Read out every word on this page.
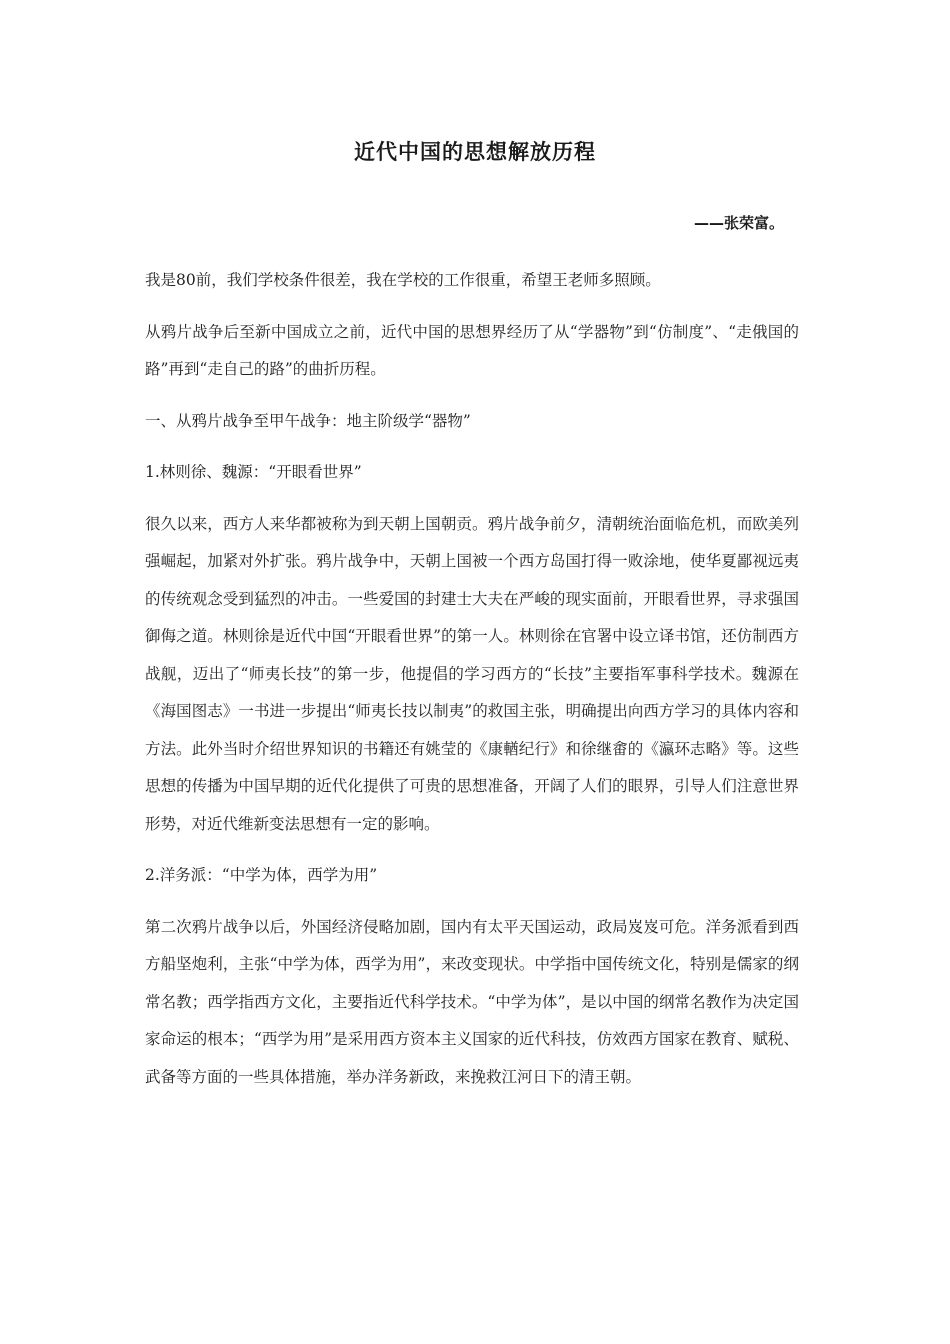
近代中国的思想解放历程
——张荣富。

我是80前，我们学校条件很差，我在学校的工作很重，希望王老师多照顾。

从鸦片战争后至新中国成立之前，近代中国的思想界经历了从“学器物”到“仿制度”、“走俄国的路”再到“走自己的路”的曲折历程。

一、从鸦片战争至甲午战争：地主阶级学“器物”

1.林则徐、魏源：“开眼看世界”

很久以来，西方人来华都被称为到天朝上国朝贡。鸦片战争前夕，清朝统治面临危机，而欧美列强崛起，加紧对外扩张。鸦片战争中，天朝上国被一个西方岛国打得一败涂地，使华夏鄙视远夷的传统观念受到猛烈的冲击。一些爱国的封建士大夫在严峻的现实面前，开眼看世界，寻求强国御侮之道。林则徐是近代中国“开眼看世界”的第一人。林则徐在官署中设立译书馆，还仿制西方战舰，迈出了“师夷长技”的第一步，他提倡的学习西方的“长技”主要指军事科学技术。魏源在《海国图志》一书进一步提出“师夷长技以制夷”的救国主张，明确提出向西方学习的具体内容和方法。此外当时介绍世界知识的书籍还有姚莹的《康輶纪行》和徐继畬的《瀛环志略》等。这些思想的传播为中国早期的近代化提供了可贵的思想准备，开阔了人们的眼界，引导人们注意世界形势，对近代维新变法思想有一定的影响。

2.洋务派：“中学为体，西学为用”

第二次鸦片战争以后，外国经济侵略加剧，国内有太平天国运动，政局岌岌可危。洋务派看到西方船坚炮利，主张“中学为体，西学为用”，来改变现状。中学指中国传统文化，特别是儒家的纲常名教；西学指西方文化，主要指近代科学技术。“中学为体”，是以中国的纲常名教作为决定国家命运的根本；“西学为用”是采用西方资本主义国家的近代科技，仿效西方国家在教育、赋税、武备等方面的一些具体措施，举办洋务新政，来挽救江河日下的清王朝。
